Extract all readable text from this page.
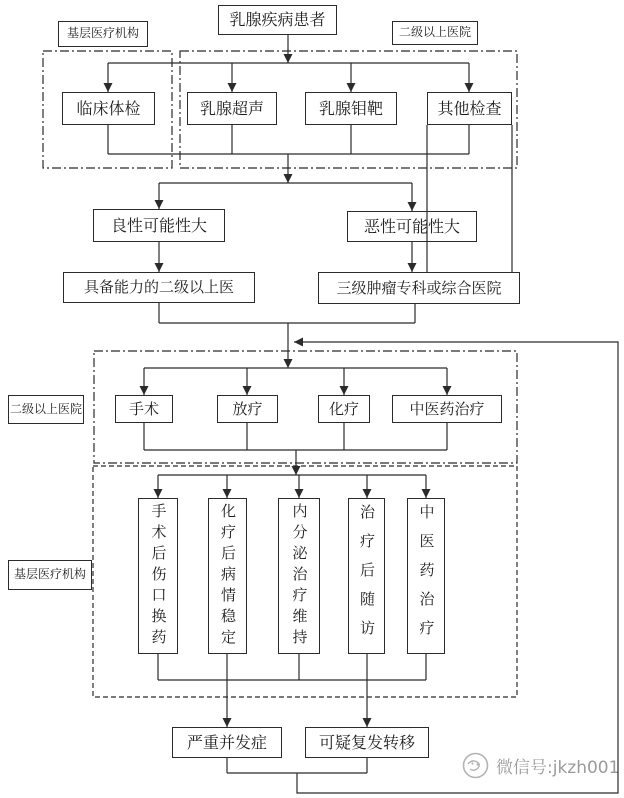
乳腺疾病患者
基层医疗机构	二级以上医院
临床体检	乳腺超声	乳腺钼靶	其他检查
良性可能性大	恶性可能性大
具备能力的二级以上医	三级肿瘤专科或综合医院
二级以上医院	手术	放疗	化疗	中医药治疗
基层医疗机构	手术后伤口换药	化疗后病情稳定	内分泌治疗维持	治疗后随访	中医药治疗
严重并发症	可疑复发转移
微信号:jkzh001
